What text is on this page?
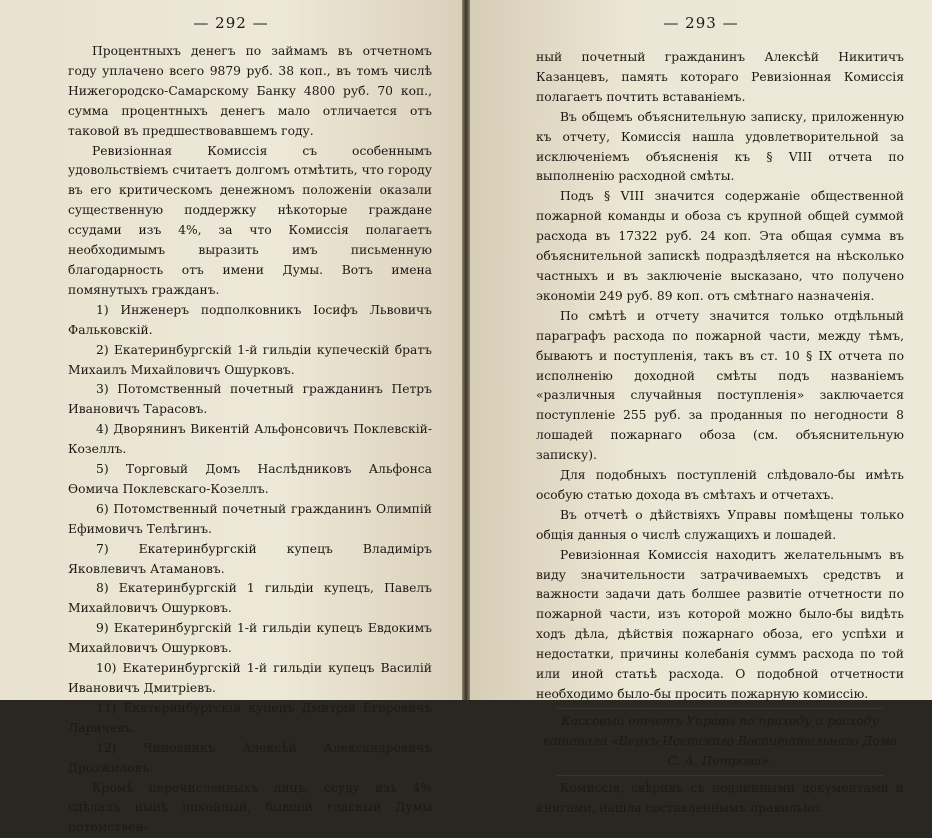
— 292 —

Процентныхъ денегъ по займамъ въ отчетномъ году уплачено всего 9879 руб. 38 коп., въ томъ числѣ Нижегородско-Самарскому Банку 4800 руб. 70 коп., сумма процентныхъ денегъ мало отличается отъ таковой въ предшествовавшемъ году.

Ревизіонная Комиссія съ особеннымъ удовольствіемъ считаетъ долгомъ отмѣтить, что городу въ его критическомъ денежномъ положеніи оказали существенную поддержку нѣкоторые граждане ссудами изъ 4%, за что Комиссія полагаетъ необходимымъ выразить имъ письменную благодарность отъ имени Думы. Вотъ имена помянутыхъ гражданъ.

1) Инженеръ подполковникъ Іосифъ Львовичъ Фальковскій.

2) Екатеринбургскій 1-й гильдіи купеческій братъ Михаилъ Михайловичъ Ошурковъ.

3) Потомственный почетный гражданинъ Петръ Ивановичъ Тарасовъ.

4) Дворянинъ Викентій Альфонсовичъ Поклевскій-Козеллъ.

5) Торговый Домъ Наслѣдниковъ Альфонса Ѳомича Поклевскаго-Козеллъ.

6) Потомственный почетный гражданинъ Олимпій Ефимовичъ Телѣгинъ.

7) Екатеринбургскій купецъ Владиміръ Яковлевичъ Атамановъ.

8) Екатеринбургскій 1 гильдіи купецъ, Павелъ Михайловичъ Ошурковъ.

9) Екатеринбургскій 1-й гильдіи купецъ Евдокимъ Михайловичъ Ошурковъ.

10) Екатеринбургскій 1-й гильдіи купецъ Василій Ивановичъ Дмитріевъ.

11) Екатеринбургскій купецъ Дмитрій Егоровичъ Ларичевъ.

12) Чиновникъ Алексѣй Александровичъ Дрозжиловъ.

Кромѣ перечисленныхъ лицъ, ссуду изъ 4% сдѣлалъ нынѣ покойный, бывшій гласный Думы потомствен-

— 293 —

ный почетный гражданинъ Алексѣй Никитичъ Казанцевъ, память котораго Ревизіонная Комиссія полагаетъ почтить вставаніемъ.

Въ общемъ объяснительную записку, приложенную къ отчету, Комиссія нашла удовлетворительной за исключеніемъ объясненія къ § VIII отчета по выполненію расходной смѣты.

Подъ § VIII значится содержаніе общественной пожарной команды и обоза съ крупной общей суммой расхода въ 17322 руб. 24 коп. Эта общая сумма въ объяснительной запискѣ подраздѣляется на нѣсколько частныхъ и въ заключеніе высказано, что получено экономіи 249 руб. 89 коп. отъ смѣтнаго назначенія.

По смѣтѣ и отчету значится только отдѣльный параграфъ расхода по пожарной части, между тѣмъ, бываютъ и поступленія, такъ въ ст. 10 § IX отчета по исполненію доходной смѣты подъ названіемъ «различныя случайныя поступленія» заключается поступленіе 255 руб. за проданныя по негодности 8 лошадей пожарнаго обоза (см. объяснительную записку).

Для подобныхъ поступленій слѣдовало-бы имѣть особую статью дохода въ смѣтахъ и отчетахъ.

Въ отчетѣ о дѣйствіяхъ Управы помѣщены только общія данныя о числѣ служащихъ и лошадей.

Ревизіонная Комиссія находитъ желательнымъ въ виду значительности затрачиваемыхъ средствъ и важности задачи дать болшее развитіе отчетности по пожарной части, изъ которой можно было-бы видѣть ходъ дѣла, дѣйствія пожарнаго обоза, его успѣхи и недостатки, причины колебанія суммъ расхода по той или иной статьѣ расхода. О подобной отчетности необходимо было-бы просить пожарную комиссію.

Кассовый отчетъ Управы по приходу и расходу капитала «Верхъ-Исетскаго Воспитательнаго Дома С. А. Петрова».

Комиссія, свѣривъ съ подлинными документами и книгами, нашла составленнымъ правильно.
